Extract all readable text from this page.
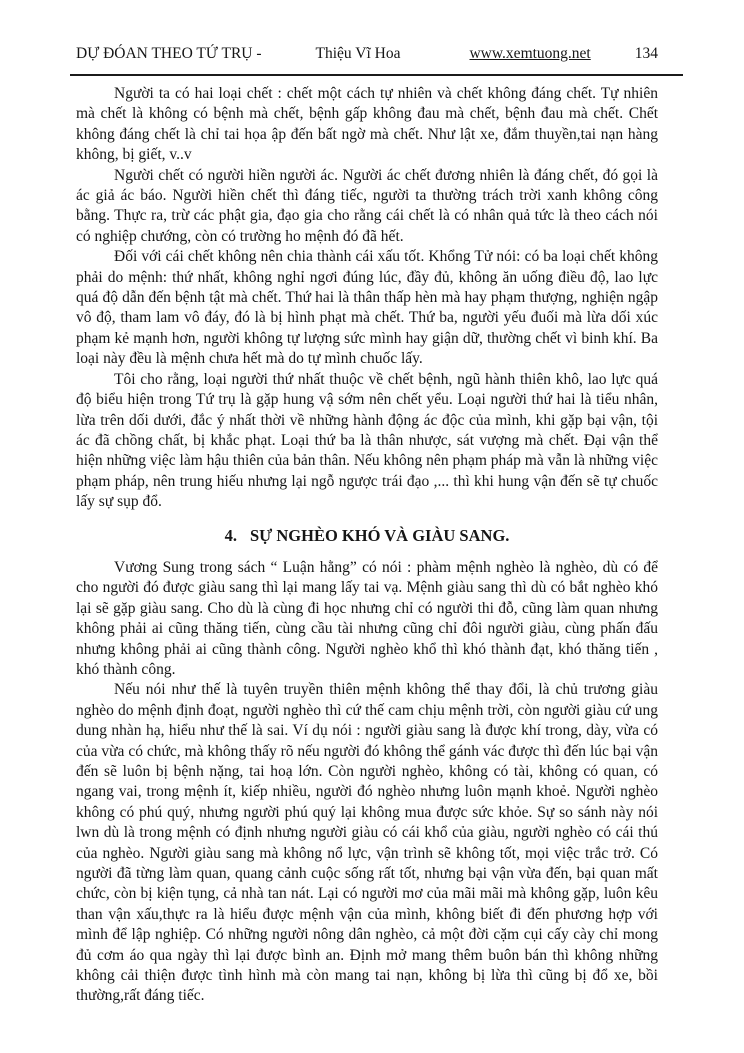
DỰ ĐÓAN THEO TỨ TRỤ -	Thiệu Vĩ Hoa	www.xemtuong.net	134

Người ta có hai loại chết : chết một cách tự nhiên và chết không đáng chết. Tự nhiên mà chết là không có bệnh mà chết, bệnh gấp không đau mà chết, bệnh đau mà chết. Chết không đáng chết là chỉ tai họa ập đến bất ngờ mà chết. Như lật xe, đắm thuyền,tai nạn hàng không, bị giết, v..v

Người chết có người hiền người ác. Người ác chết đương nhiên là đáng chết, đó gọi là ác giả ác báo. Người hiền chết thì đáng tiếc, người ta thường trách trời xanh không công bằng. Thực ra, trừ các phật gia, đạo gia cho rằng cái chết là có nhân quả tức là theo cách nói có nghiệp chướng, còn có trường ho mệnh đó đã hết.

Đối với cái chết không nên chia thành cái xấu tốt. Khổng Tử nói: có ba loại chết không phải do mệnh: thứ nhất, không nghỉ ngơi đúng lúc, đầy đủ, không ăn uống điều độ, lao lực quá độ dẫn đến bệnh tật mà chết. Thứ hai là thân thấp hèn mà hay phạm thượng, nghiện ngập vô độ, tham lam vô đáy, đó là bị hình phạt mà chết. Thứ ba, người yếu đuối mà lừa dối xúc phạm kẻ mạnh hơn, người không tự lượng sức mình hay giận dữ, thường chết vì binh khí. Ba loại này đều là mệnh chưa hết mà do tự mình chuốc lấy.

Tôi cho rằng, loại người thứ nhất thuộc về chết bệnh, ngũ hành thiên khô, lao lực quá độ biểu hiện trong Tứ trụ là gặp hung vậ sớm nên chết yểu. Loại người thứ hai là tiểu nhân, lừa trên dối dưới, đắc ý nhất thời về những hành động ác độc của mình, khi gặp bại vận, tội ác đã chồng chất, bị khắc phạt. Loại thứ ba là thân nhược, sát vượng mà chết. Đại vận thể hiện những việc làm hậu thiên của bản thân. Nếu không nên phạm pháp mà vẫn là những việc phạm pháp, nên trung hiếu nhưng lại ngỗ ngược trái đạo ,... thì khi hung vận đến sẽ tự chuốc lấy sự sụp đổ.

4. SỰ NGHÈO KHÓ VÀ GIÀU SANG.

Vương Sung trong sách “ Luận hằng” có nói : phàm mệnh nghèo là nghèo, dù có để cho người đó được giàu sang thì lại mang lấy tai vạ. Mệnh giàu sang thì dù có bắt nghèo khó lại sẽ gặp giàu sang. Cho dù là cùng đi học nhưng chỉ có người thi đỗ, cũng làm quan nhưng không phải ai cũng thăng tiến, cùng cầu tài nhưng cũng chỉ đôi người giàu, cùng phấn đấu nhưng không phải ai cũng thành công. Người nghèo khổ thì khó thành đạt, khó thăng tiến , khó thành công.

Nếu nói như thế là tuyên truyền thiên mệnh không thể thay đổi, là chủ trương giàu nghèo do mệnh định đoạt, người nghèo thì cứ thế cam chịu mệnh trời, còn người giàu cứ ung dung nhàn hạ, hiểu như thế là sai. Ví dụ nói : người giàu sang là được khí trong, dày, vừa có của vừa có chức, mà không thấy rõ nếu người đó không thể gánh vác được thì đến lúc bại vận đến sẽ luôn bị bệnh nặng, tai hoạ lớn. Còn người nghèo, không có tài, không có quan, có ngang vai, trong mệnh ít, kiếp nhiều, người đó nghèo nhưng luôn mạnh khoẻ. Người nghèo không có phú quý, nhưng người phú quý lại không mua được sức khỏe. Sự so sánh này nói lwn dù là trong mệnh có định nhưng người giàu có cái khổ của giàu, người nghèo có cái thú của nghèo. Người giàu sang mà không nổ lực, vận trình sẽ không tốt, mọi việc trắc trở. Có người đã từng làm quan, quang cảnh cuộc sống rất tốt, nhưng bại vận vừa đến, bại quan mất chức, còn bị kiện tụng, cả nhà tan nát. Lại có người mơ của mãi mãi mà không gặp, luôn kêu than vận xấu,thực ra là hiểu được mệnh vận của mình, không biết đi đến phương hợp với mình để lập nghiệp. Có những người nông dân nghèo, cả một đời cặm cụi cấy cày chỉ mong đủ cơm áo qua ngày thì lại được bình an. Định mở mang thêm buôn bán thì không những không cải thiện được tình hình mà còn mang tai nạn, không bị lừa thì cũng bị đổ xe, bồi thường,rất đáng tiếc.
